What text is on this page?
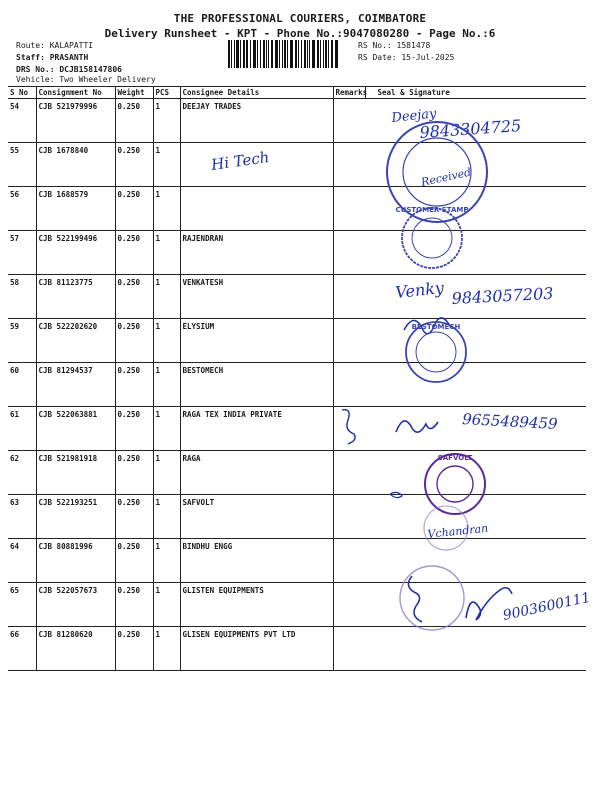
THE PROFESSIONAL COURIERS, COIMBATORE
Delivery Runsheet - KPT - Phone No.:9047080280 - Page No.:6
Route: KALAPATTI
Staff: PRASANTH
DRS No.: DCJB158147806
Vehicle: Two Wheeler Delivery
RS No.: 1581478
RS Date: 15-Jul-2025
S No	Consignment No	Weight	PCS	Consignee Details	Remarks	Seal & Signature
54	CJB 521979996	0.250	1	DEEJAY TRADES		
55	CJB 1678840	0.250	1			
56	CJB 1688579	0.250	1			
57	CJB 522199496	0.250	1	RAJENDRAN		
58	CJB 81123775	0.250	1	VENKATESH		
59	CJB 522202620	0.250	1	ELYSIUM		
60	CJB 81294537	0.250	1	BESTOMECH		
61	CJB 522063881	0.250	1	RAGA TEX INDIA PRIVATE		
62	CJB 521981918	0.250	1	RAGA		
63	CJB 522193251	0.250	1	SAFVOLT		
64	CJB 80881996	0.250	1	BINDHU ENGG		
65	CJB 522057673	0.250	1	GLISTEN EQUIPMENTS		
66	CJB 81280620	0.250	1	GLISEN EQUIPMENTS PVT LTD		
Deejay
9843304725
Hi Tech
Received
CUSTOMER STAMP
Venky 9843057203
BESTOMECH
9655489459
SAFVOLT
Vchandran
9003600111
